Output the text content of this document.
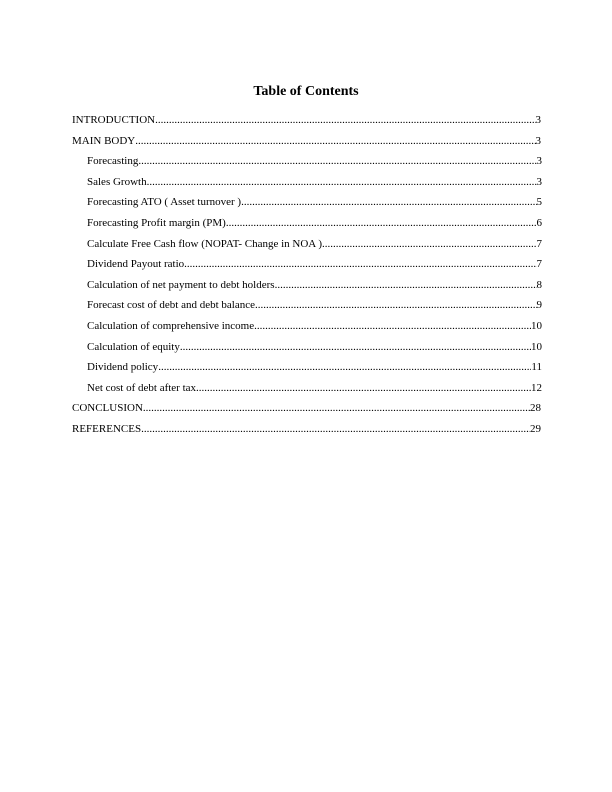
Table of Contents
INTRODUCTION .....	3
MAIN BODY .....	3
Forecasting .....	3
Sales Growth .....	3
Forecasting ATO ( Asset turnover ) .....	5
Forecasting Profit margin (PM) .....	6
Calculate Free Cash flow (NOPAT- Change in NOA ) .....	7
Dividend Payout ratio .....	7
Calculation of net payment to debt holders .....	8
Forecast cost of debt and debt balance .....	9
Calculation of comprehensive income .....	10
Calculation of equity .....	10
Dividend policy .....	11
Net cost of debt after tax .....	12
CONCLUSION .....	28
REFERENCES .....	29
